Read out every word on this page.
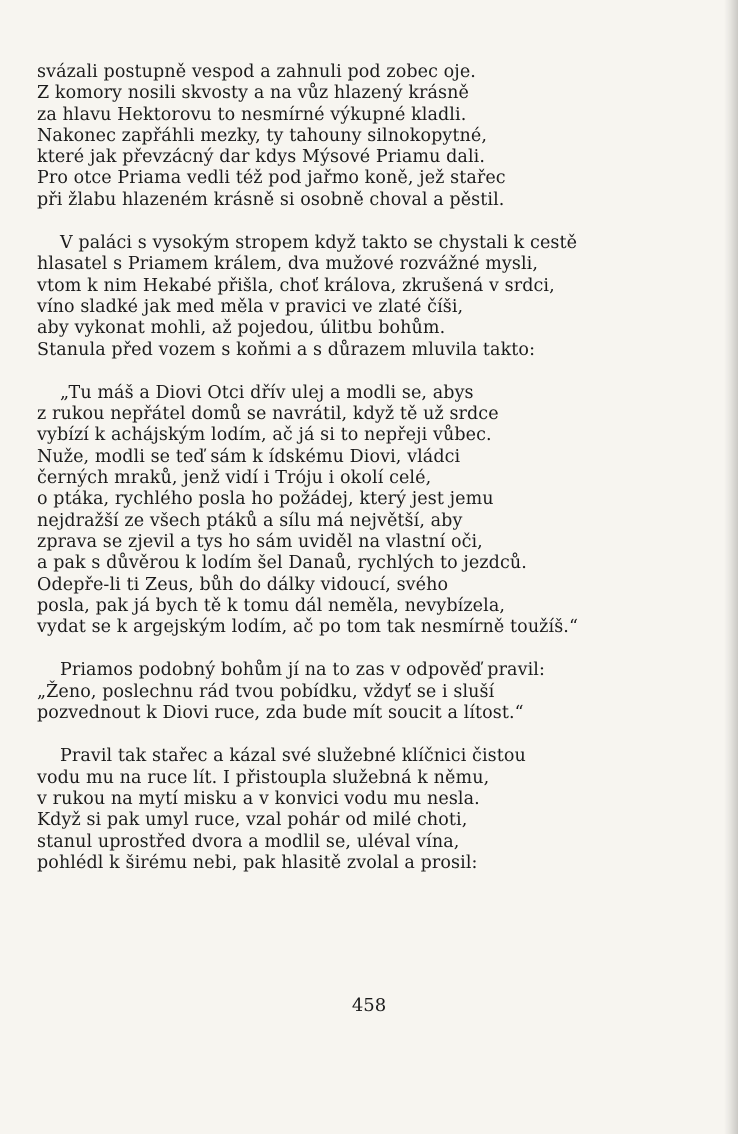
svázali postupně vespod a zahnuli pod zobec oje.
Z komory nosili skvosty a na vůz hlazený krásně
za hlavu Hektorovu to nesmírné výkupné kladli.
Nakonec zapřáhli mezky, ty tahouny silnokopytné,
které jak převzácný dar kdys Mýsové Priamu dali.
Pro otce Priama vedli též pod jařmo koně, jež stařec
při žlabu hlazeném krásně si osobně choval a pěstil.
V paláci s vysokým stropem když takto se chystali k cestě
hlasatel s Priamem králem, dva mužové rozvážné mysli,
vtom k nim Hekabé přišla, choť králova, zkrušená v srdci,
víno sladké jak med měla v pravici ve zlaté číši,
aby vykonat mohli, až pojedou, úlitbu bohům.
Stanula před vozem s koňmi a s důrazem mluvila takto:
„Tu máš a Diovi Otci dřív ulej a modli se, abys
z rukou nepřátel domů se navrátil, když tě už srdce
vybízí k achájským lodím, ač já si to nepřeji vůbec.
Nuže, modli se teď sám k ídskému Diovi, vládci
černých mraků, jenž vidí i Tróju i okolí celé,
o ptáka, rychlého posla ho požádej, který jest jemu
nejdražší ze všech ptáků a sílu má největší, aby
zprava se zjevil a tys ho sám uviděl na vlastní oči,
a pak s důvěrou k lodím šel Danaů, rychlých to jezdců.
Odepře-li ti Zeus, bůh do dálky vidoucí, svého
posla, pak já bych tě k tomu dál neměla, nevybízela,
vydat se k argejským lodím, ač po tom tak nesmírně toužíš.“
Priamos podobný bohům jí na to zas v odpověď pravil:
„Ženo, poslechnu rád tvou pobídku, vždyť se i sluší
pozvednout k Diovi ruce, zda bude mít soucit a lítost.“
Pravil tak stařec a kázal své služebné klíčnici čistou
vodu mu na ruce lít. I přistoupla služebná k němu,
v rukou na mytí misku a v konvici vodu mu nesla.
Když si pak umyl ruce, vzal pohár od milé choti,
stanul uprostřed dvora a modlil se, uléval vína,
pohlédl k širému nebi, pak hlasitě zvolal a prosil:
458
